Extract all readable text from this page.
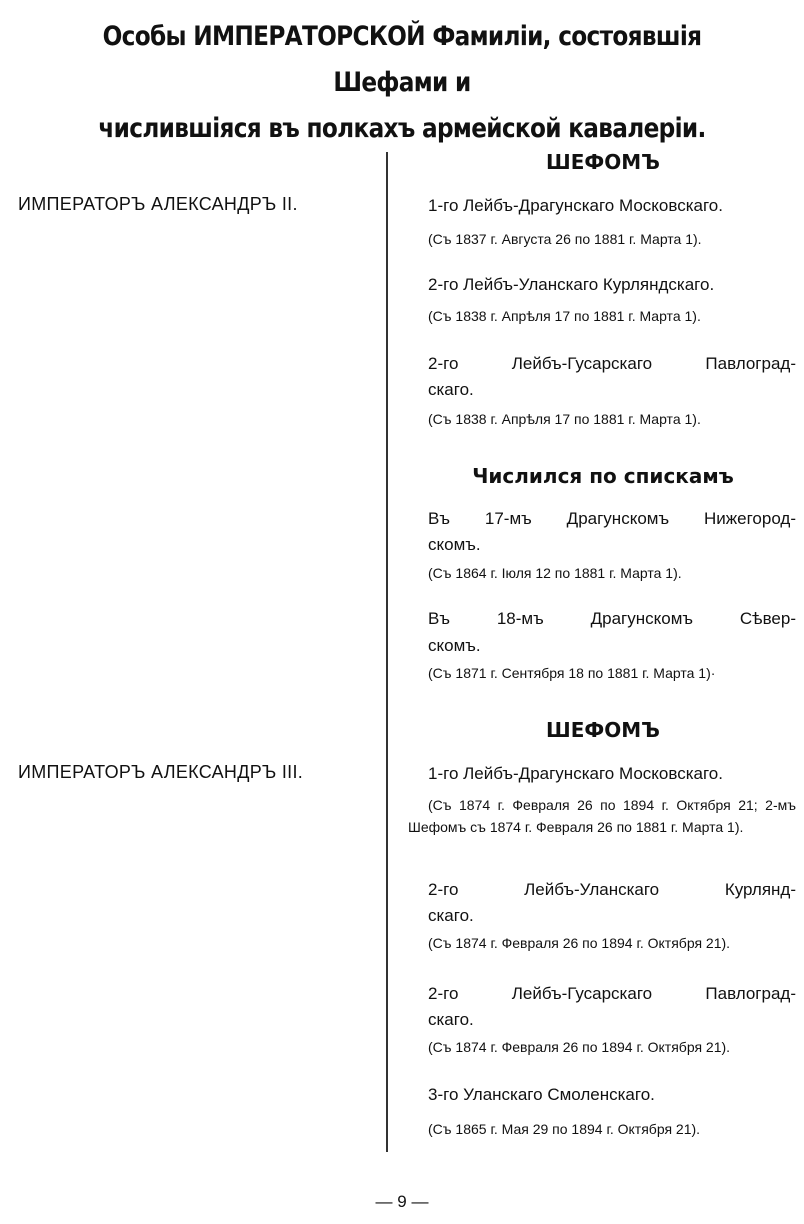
Особы ИМПЕРАТОРСКОЙ Фамилiи, состоявшiя Шефами и
числившiяся въ полкахъ армейской кавалерiи.
ШЕФОМЪ
ИМПЕРАТОРЪ АЛЕКСАНДРЪ II.	1-го Лейбъ-Драгунскаго Московскаго.
(Съ 1837 г. Августа 26 по 1881 г. Марта 1).
2-го Лейбъ-Уланскаго Курляндскаго.
(Съ 1838 г. Апрѣля 17 по 1881 г. Марта 1).
2-го Лейбъ-Гусарскаго Павлоград-
скаго.
(Съ 1838 г. Апрѣля 17 по 1881 г. Марта 1).
Числился по спискамъ
Въ 17-мъ Драгунскомъ Нижегород-
скомъ.
(Съ 1864 г. Iюля 12 по 1881 г. Марта 1).
Въ 18-мъ Драгунскомъ Сѣвер-
скомъ.
(Съ 1871 г. Сентября 18 по 1881 г. Марта 1)·
ШЕФОМЪ
ИМПЕРАТОРЪ АЛЕКСАНДРЪ III.	1-го Лейбъ-Драгунскаго Московскаго.
(Съ 1874 г. Февраля 26 по 1894 г. Октября 21; 2-мъ Шефомъ съ 1874 г. Февраля 26 по 1881 г. Марта 1).
2-го Лейбъ-Уланскаго Курлянд-
скаго.
(Съ 1874 г. Февраля 26 по 1894 г. Октября 21).
2-го Лейбъ-Гусарскаго Павлоград-
скаго.
(Съ 1874 г. Февраля 26 по 1894 г. Октября 21).
3-го Уланскаго Смоленскаго.
(Съ 1865 г. Мая 29 по 1894 г. Октября 21).
— 9 —
